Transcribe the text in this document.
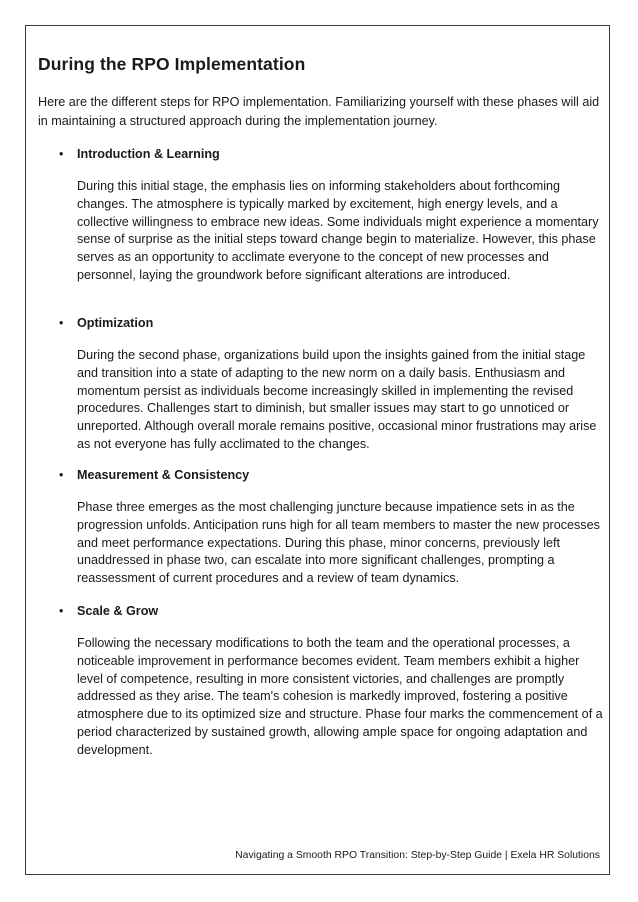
During the RPO Implementation

Here are the different steps for RPO implementation. Familiarizing yourself with these phases will aid in maintaining a structured approach during the implementation journey.

• Introduction & Learning

During this initial stage, the emphasis lies on informing stakeholders about forthcoming changes. The atmosphere is typically marked by excitement, high energy levels, and a collective willingness to embrace new ideas. Some individuals might experience a momentary sense of surprise as the initial steps toward change begin to materialize. However, this phase serves as an opportunity to acclimate everyone to the concept of new processes and personnel, laying the groundwork before significant alterations are introduced.

• Optimization

During the second phase, organizations build upon the insights gained from the initial stage and transition into a state of adapting to the new norm on a daily basis. Enthusiasm and momentum persist as individuals become increasingly skilled in implementing the revised procedures. Challenges start to diminish, but smaller issues may start to go unnoticed or unreported. Although overall morale remains positive, occasional minor frustrations may arise as not everyone has fully acclimated to the changes.

• Measurement & Consistency

Phase three emerges as the most challenging juncture because impatience sets in as the progression unfolds. Anticipation runs high for all team members to master the new processes and meet performance expectations. During this phase, minor concerns, previously left unaddressed in phase two, can escalate into more significant challenges, prompting a reassessment of current procedures and a review of team dynamics.

• Scale & Grow

Following the necessary modifications to both the team and the operational processes, a noticeable improvement in performance becomes evident. Team members exhibit a higher level of competence, resulting in more consistent victories, and challenges are promptly addressed as they arise. The team's cohesion is markedly improved, fostering a positive atmosphere due to its optimized size and structure. Phase four marks the commencement of a period characterized by sustained growth, allowing ample space for ongoing adaptation and development.

Navigating a Smooth RPO Transition: Step-by-Step Guide | Exela HR Solutions
